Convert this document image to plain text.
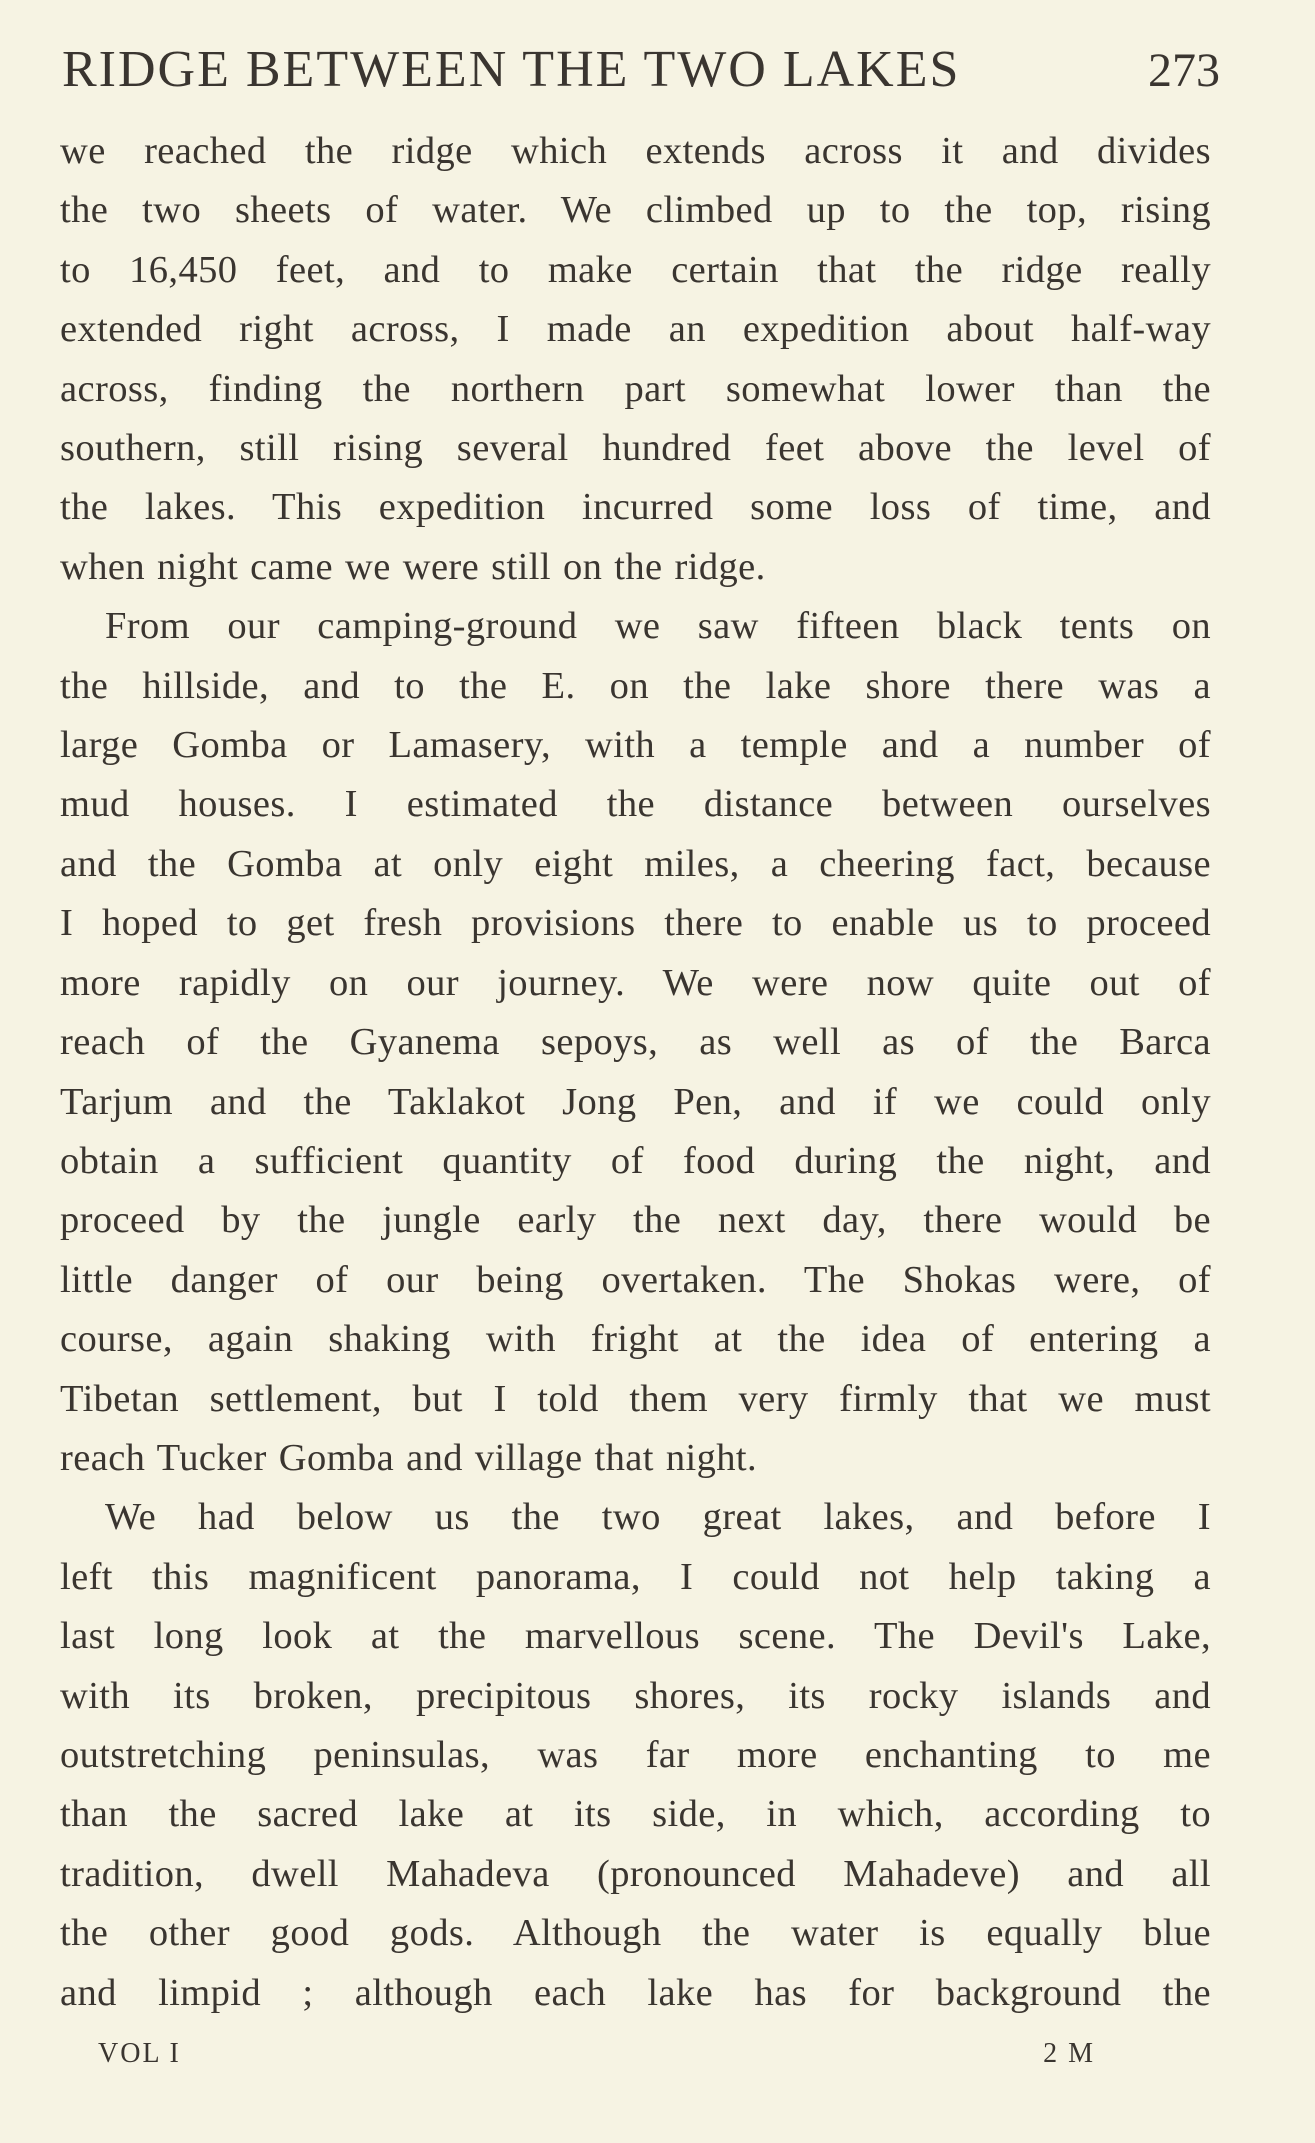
RIDGE BETWEEN THE TWO LAKES	273
we reached the ridge which extends across it and divides
the two sheets of water. We climbed up to the top, rising
to 16,450 feet, and to make certain that the ridge really
extended right across, I made an expedition about half-way
across, finding the northern part somewhat lower than the
southern, still rising several hundred feet above the level of
the lakes. This expedition incurred some loss of time, and
when night came we were still on the ridge.
From our camping-ground we saw fifteen black tents on
the hillside, and to the E. on the lake shore there was a
large Gomba or Lamasery, with a temple and a number of
mud houses. I estimated the distance between ourselves
and the Gomba at only eight miles, a cheering fact, because
I hoped to get fresh provisions there to enable us to proceed
more rapidly on our journey. We were now quite out of
reach of the Gyanema sepoys, as well as of the Barca
Tarjum and the Taklakot Jong Pen, and if we could only
obtain a sufficient quantity of food during the night, and
proceed by the jungle early the next day, there would be
little danger of our being overtaken. The Shokas were, of
course, again shaking with fright at the idea of entering a
Tibetan settlement, but I told them very firmly that we must
reach Tucker Gomba and village that night.
We had below us the two great lakes, and before I
left this magnificent panorama, I could not help taking a
last long look at the marvellous scene. The Devil's Lake,
with its broken, precipitous shores, its rocky islands and
outstretching peninsulas, was far more enchanting to me
than the sacred lake at its side, in which, according to
tradition, dwell Mahadeva (pronounced Mahadeve) and all
the other good gods. Although the water is equally blue
and limpid ; although each lake has for background the
VOL I	2 M
